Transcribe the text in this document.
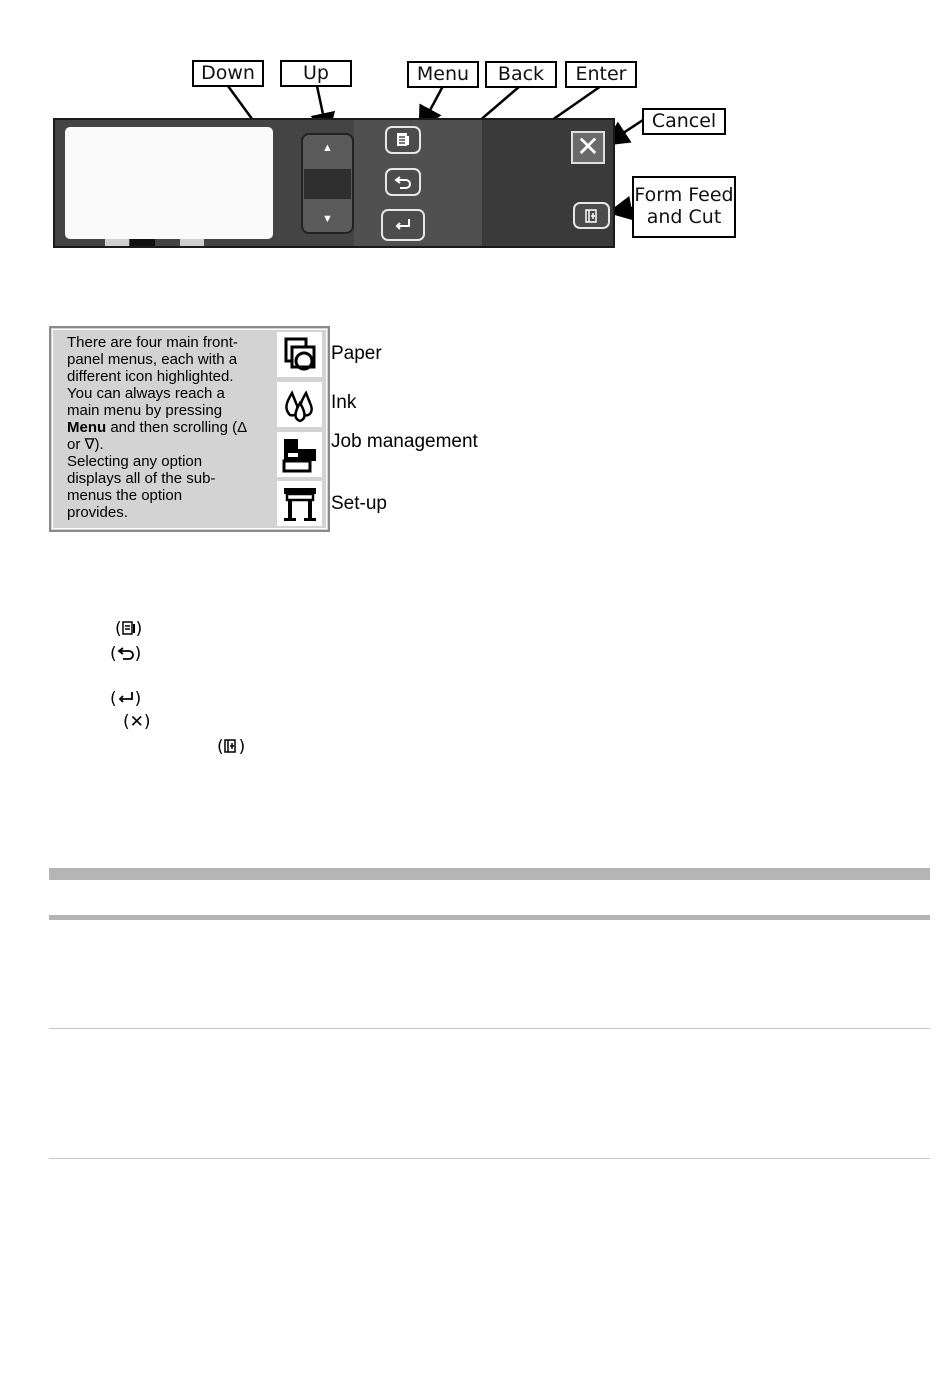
Down	Up	Menu	Back	Enter
Cancel
Form Feed
and Cut
▲
▼
✕
There are four main front-
panel menus, each with a
different icon highlighted.
You can always reach a
main menu by pressing
Menu and then scrolling (Δ
or ∇).
Selecting any option
displays all of the sub-
menus the option
provides.
Paper
Ink
Job management
Set-up
( )
( )
( )
(✕)
( )
